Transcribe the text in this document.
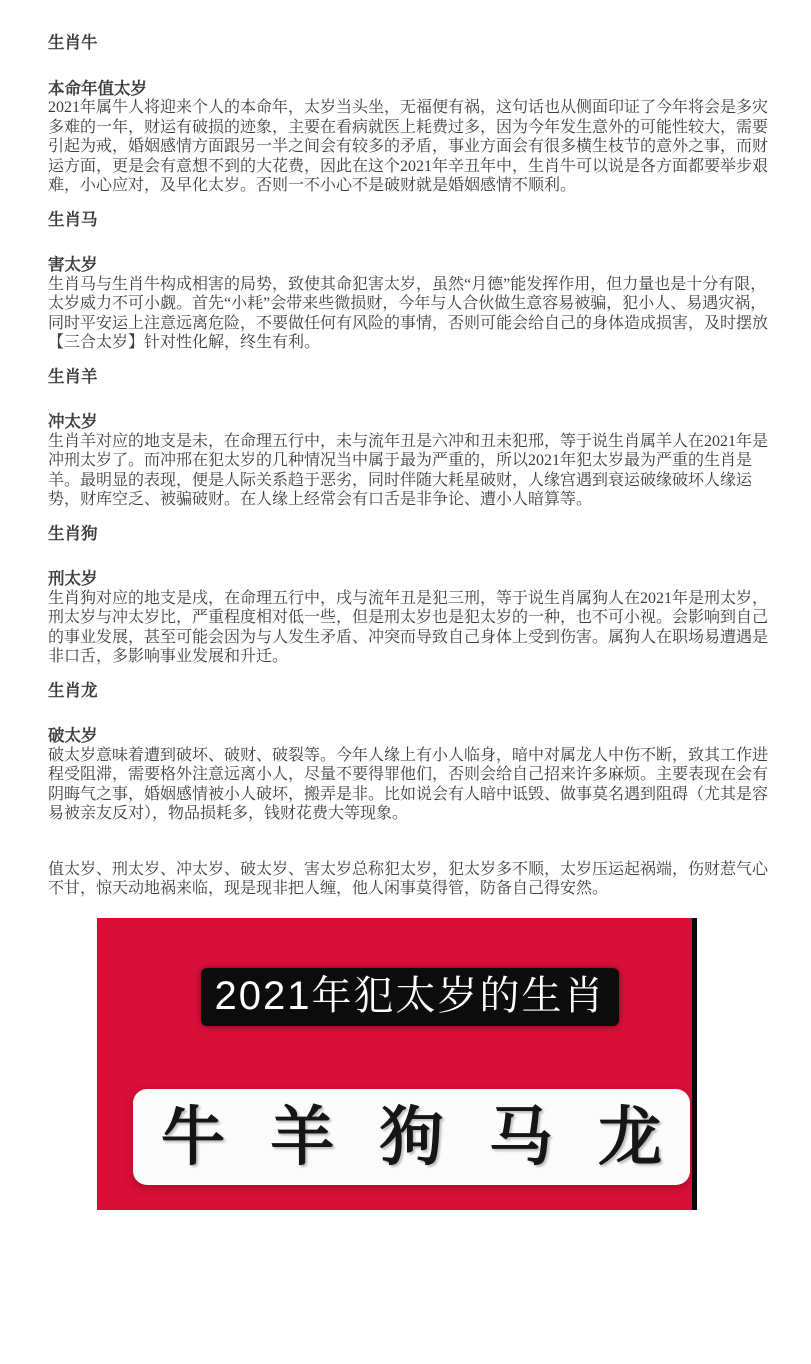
生肖牛

本命年值太岁
2021年属牛人将迎来个人的本命年，太岁当头坐，无福便有祸，这句话也从侧面印证了今年将会是多灾多难的一年，财运有破损的迹象，主要在看病就医上耗费过多，因为今年发生意外的可能性较大，需要引起为戒，婚姻感情方面跟另一半之间会有较多的矛盾，事业方面会有很多横生枝节的意外之事，而财运方面，更是会有意想不到的大花费，因此在这个2021年辛丑年中，生肖牛可以说是各方面都要举步艰难，小心应对，及早化太岁。否则一不小心不是破财就是婚姻感情不顺利。

生肖马

害太岁
生肖马与生肖牛构成相害的局势，致使其命犯害太岁，虽然“月德”能发挥作用，但力量也是十分有限，太岁威力不可小觑。首先“小耗”会带来些微损财，今年与人合伙做生意容易被骗，犯小人、易遇灾祸，同时平安运上注意远离危险，不要做任何有风险的事情，否则可能会给自己的身体造成损害，及时摆放【三合太岁】针对性化解，终生有利。

生肖羊

冲太岁
生肖羊对应的地支是未，在命理五行中，未与流年丑是六冲和丑未犯邢，等于说生肖属羊人在2021年是冲刑太岁了。而冲邢在犯太岁的几种情况当中属于最为严重的，所以2021年犯太岁最为严重的生肖是羊。最明显的表现，便是人际关系趋于恶劣，同时伴随大耗星破财，人缘宫遇到衰运破缘破坏人缘运势，财库空乏、被骗破财。在人缘上经常会有口舌是非争论、遭小人暗算等。

生肖狗

刑太岁
生肖狗对应的地支是戌，在命理五行中，戌与流年丑是犯三刑，等于说生肖属狗人在2021年是刑太岁，刑太岁与冲太岁比，严重程度相对低一些，但是刑太岁也是犯太岁的一种，也不可小视。会影响到自己的事业发展，甚至可能会因为与人发生矛盾、冲突而导致自己身体上受到伤害。属狗人在职场易遭遇是非口舌，多影响事业发展和升迁。

生肖龙

破太岁
破太岁意味着遭到破坏、破财、破裂等。今年人缘上有小人临身，暗中对属龙人中伤不断，致其工作进程受阻滞，需要格外注意远离小人，尽量不要得罪他们，否则会给自己招来许多麻烦。主要表现在会有阴晦气之事，婚姻感情被小人破坏，搬弄是非。比如说会有人暗中诋毁、做事莫名遇到阻碍（尤其是容易被亲友反对），物品损耗多，钱财花费大等现象。

值太岁、刑太岁、冲太岁、破太岁、害太岁总称犯太岁，犯太岁多不顺，太岁压运起祸端，伤财惹气心不甘，惊天动地祸来临，现是现非把人缠，他人闲事莫得管，防备自己得安然。

2021年犯太岁的生肖
牛 羊 狗 马 龙
